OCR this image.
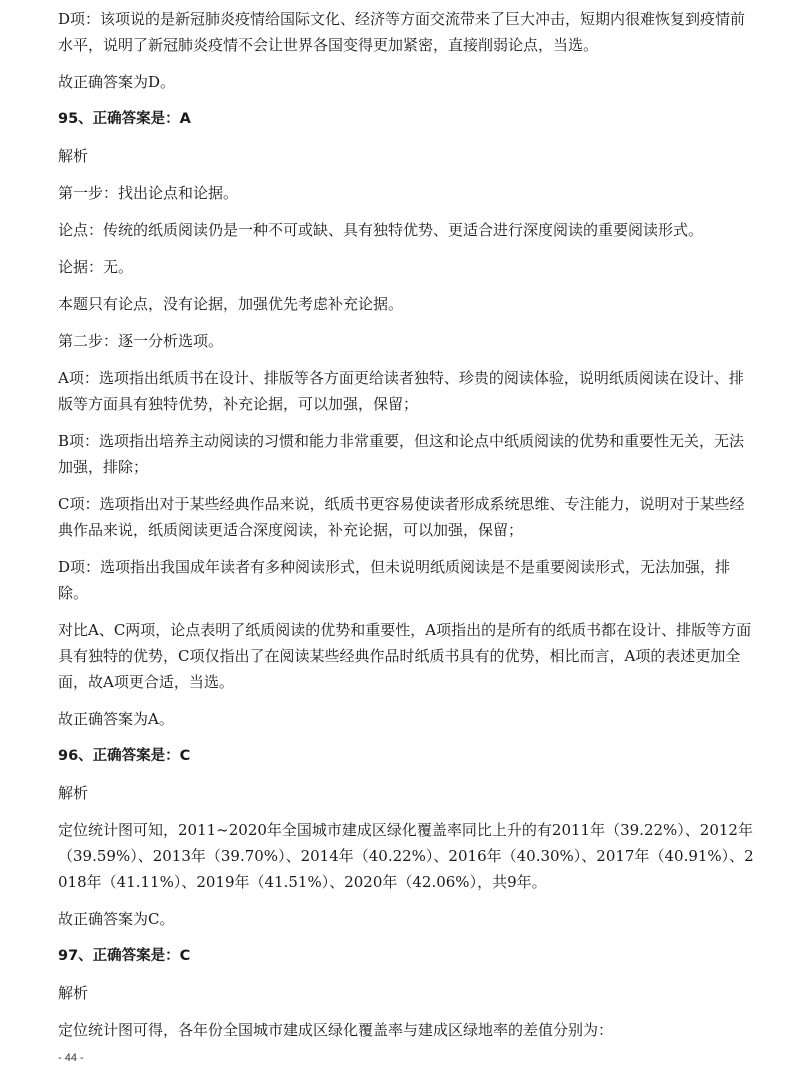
D项：该项说的是新冠肺炎疫情给国际文化、经济等方面交流带来了巨大冲击，短期内很难恢复到疫情前水平，说明了新冠肺炎疫情不会让世界各国变得更加紧密，直接削弱论点，当选。

故正确答案为D。

95、正确答案是：A

解析

第一步：找出论点和论据。

论点：传统的纸质阅读仍是一种不可或缺、具有独特优势、更适合进行深度阅读的重要阅读形式。

论据：无。

本题只有论点，没有论据，加强优先考虑补充论据。

第二步：逐一分析选项。

A项：选项指出纸质书在设计、排版等各方面更给读者独特、珍贵的阅读体验，说明纸质阅读在设计、排版等方面具有独特优势，补充论据，可以加强，保留；

B项：选项指出培养主动阅读的习惯和能力非常重要，但这和论点中纸质阅读的优势和重要性无关，无法加强，排除；

C项：选项指出对于某些经典作品来说，纸质书更容易使读者形成系统思维、专注能力，说明对于某些经典作品来说，纸质阅读更适合深度阅读，补充论据，可以加强，保留；

D项：选项指出我国成年读者有多种阅读形式，但未说明纸质阅读是不是重要阅读形式，无法加强，排除。

对比A、C两项，论点表明了纸质阅读的优势和重要性，A项指出的是所有的纸质书都在设计、排版等方面具有独特的优势，C项仅指出了在阅读某些经典作品时纸质书具有的优势，相比而言，A项的表述更加全面，故A项更合适，当选。

故正确答案为A。

96、正确答案是：C

解析

定位统计图可知，2011~2020年全国城市建成区绿化覆盖率同比上升的有2011年（39.22%）、2012年（39.59%）、2013年（39.70%）、2014年（40.22%）、2016年（40.30%）、2017年（40.91%）、2018年（41.11%）、2019年（41.51%）、2020年（42.06%），共9年。

故正确答案为C。

97、正确答案是：C

解析

定位统计图可得，各年份全国城市建成区绿化覆盖率与建成区绿地率的差值分别为：

- 44 -
